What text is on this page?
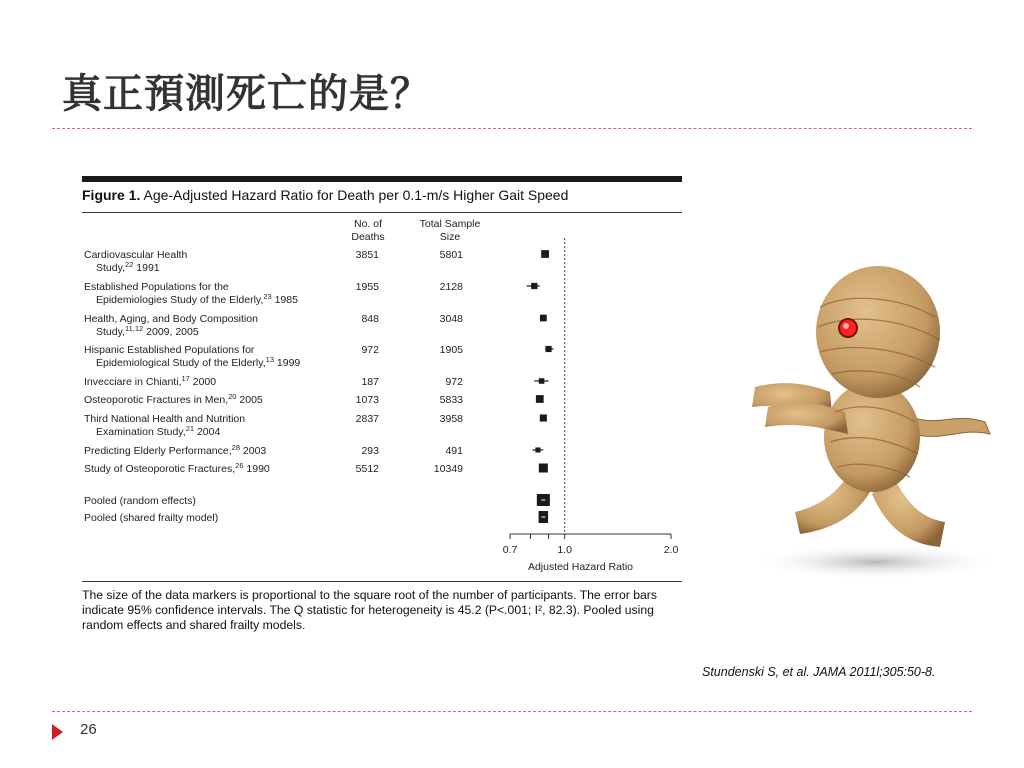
真正預測死亡的是？
Figure 1. Age-Adjusted Hazard Ratio for Death per 0.1-m/s Higher Gait Speed
No. of
Deaths
Total Sample
Size
Cardiovascular Health
Study,$^{22}$ 1991
3851	5801
Established Populations for the
Epidemiologies Study of the Elderly,$^{23}$ 1985
1955	2128
Health, Aging, and Body Composition
Study,$^{11,12}$ 2009, 2005
848	3048
Hispanic Established Populations for
Epidemiological Study of the Elderly,$^{13}$ 1999
972	1905
Invecciare in Chianti,$^{17}$ 2000	187	972
Osteoporotic Fractures in Men,$^{20}$ 2005	1073	5833
Third National Health and Nutrition
Examination Study,$^{21}$ 2004
2837	3958
Predicting Elderly Performance,$^{28}$ 2003	293	491
Study of Osteoporotic Fractures,$^{26}$ 1990	5512	10349
Pooled (random effects)
Pooled (shared frailty model)
0.7	1.0	2.0
Adjusted Hazard Ratio
The size of the data markers is proportional to the square root of the number of participants. The error bars indicate 95% confidence intervals. The Q statistic for heterogeneity is 45.2 (P<.001; I², 82.3). Pooled using random effects and shared frailty models.
Stundenski S, et al. JAMA 2011l;305:50-8.
26
